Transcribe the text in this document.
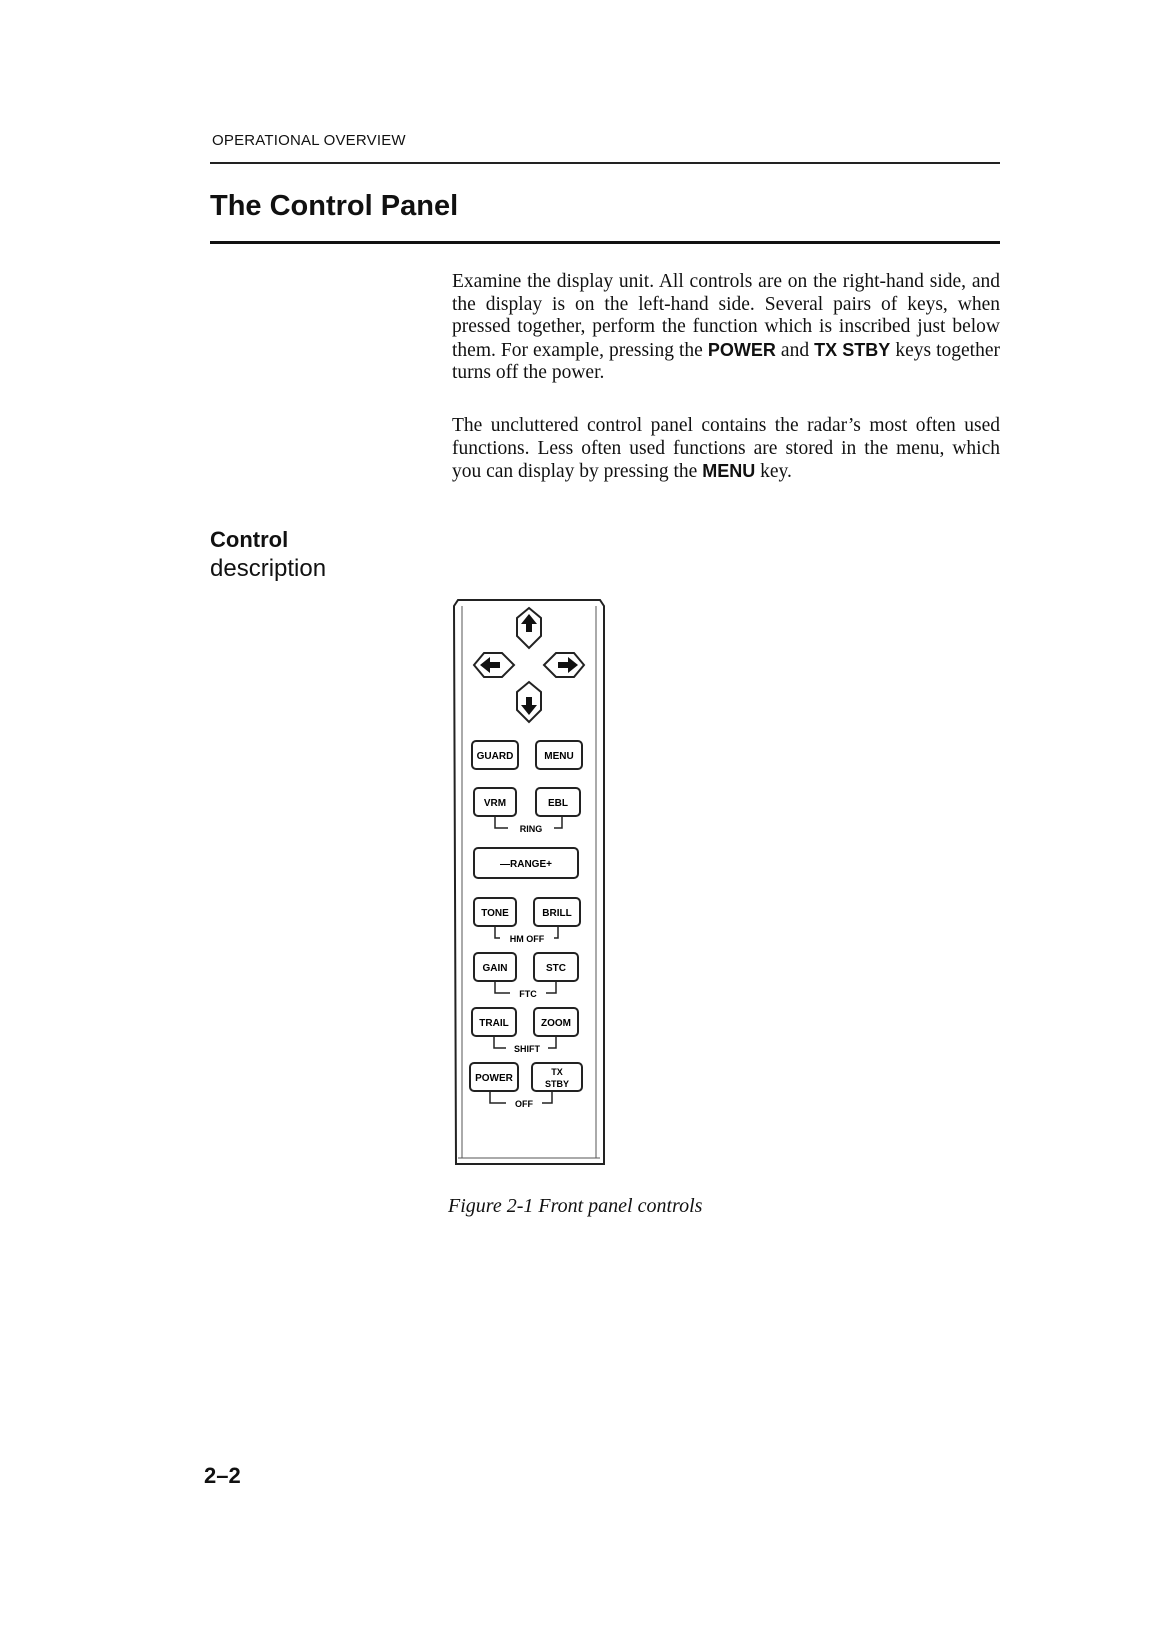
OPERATIONAL OVERVIEW
The Control Panel
Examine the display unit. All controls are on the right-hand side, and the display is on the left-hand side. Several pairs of keys, when pressed together, perform the function which is inscribed just below them. For example, pressing the POWER and TX STBY keys together turns off the power.
The uncluttered control panel contains the radar’s most often used functions. Less often used functions are stored in the menu, which you can display by pressing the MENU key.
Control
description
GUARD	MENU
VRM	EBL
RING
—RANGE+
TONE	BRILL
HM OFF
GAIN	STC
FTC
TRAIL	ZOOM
SHIFT
POWER
TX
STBY
OFF
Figure 2-1 Front panel controls
2–2
